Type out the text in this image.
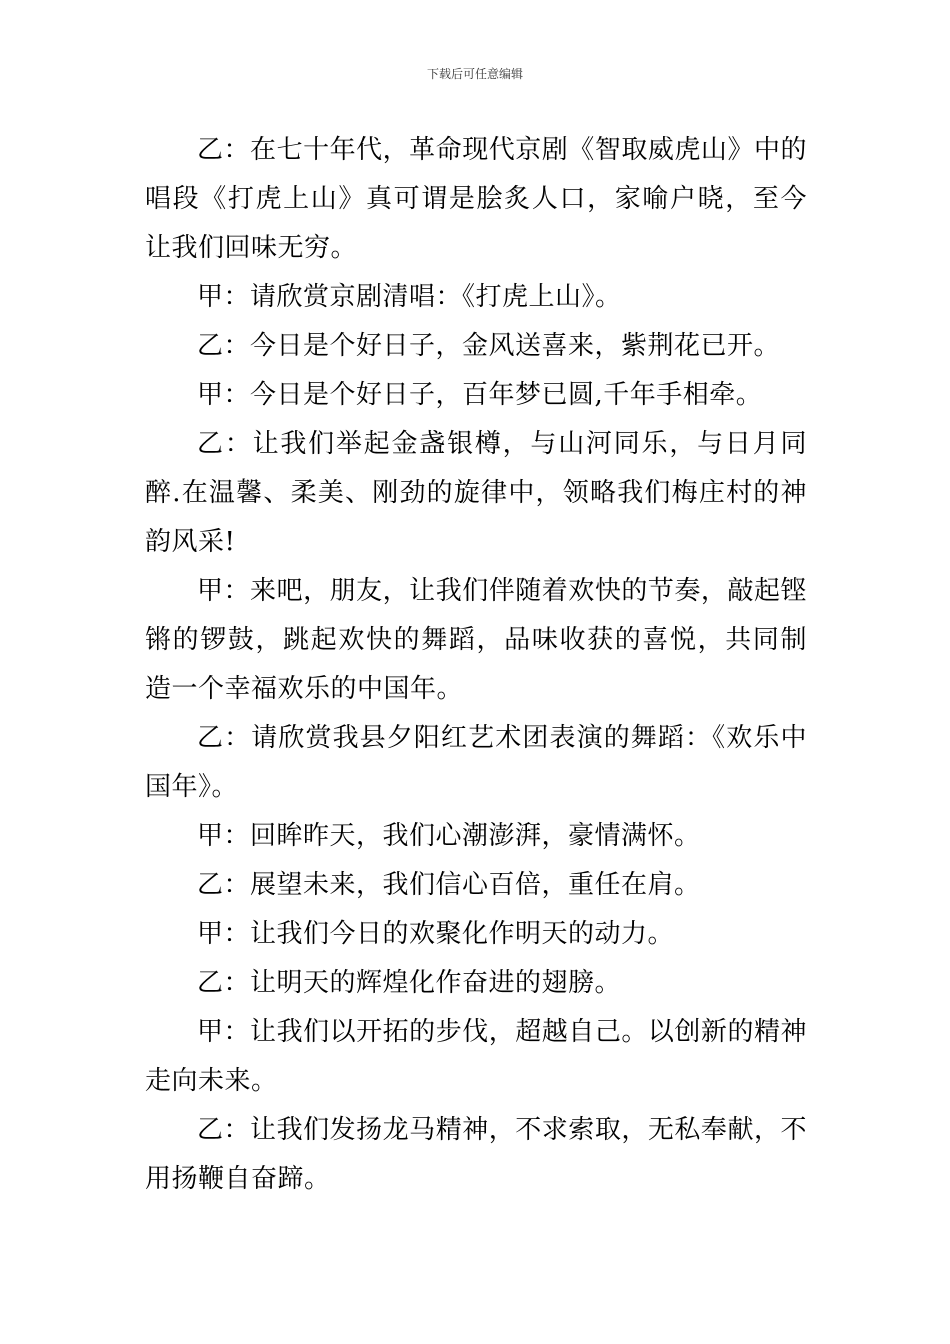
下载后可任意编辑

乙：在七十年代，革命现代京剧《智取威虎山》中的唱段《打虎上山》真可谓是脍炙人口，家喻户晓，至今让我们回味无穷。

甲：请欣赏京剧清唱：《打虎上山》。

乙：今日是个好日子，金风送喜来，紫荆花已开。

甲：今日是个好日子，百年梦已圆,千年手相牵。

乙：让我们举起金盏银樽，与山河同乐，与日月同醉.在温馨、柔美、刚劲的旋律中，领略我们梅庄村的神韵风采!

甲：来吧，朋友，让我们伴随着欢快的节奏，敲起铿锵的锣鼓，跳起欢快的舞蹈，品味收获的喜悦，共同制造一个幸福欢乐的中国年。

乙：请欣赏我县夕阳红艺术团表演的舞蹈：《欢乐中国年》。

甲：回眸昨天，我们心潮澎湃，豪情满怀。

乙：展望未来，我们信心百倍，重任在肩。

甲：让我们今日的欢聚化作明天的动力。

乙：让明天的辉煌化作奋进的翅膀。

甲：让我们以开拓的步伐，超越自己。以创新的精神走向未来。

乙：让我们发扬龙马精神，不求索取，无私奉献，不用扬鞭自奋蹄。
